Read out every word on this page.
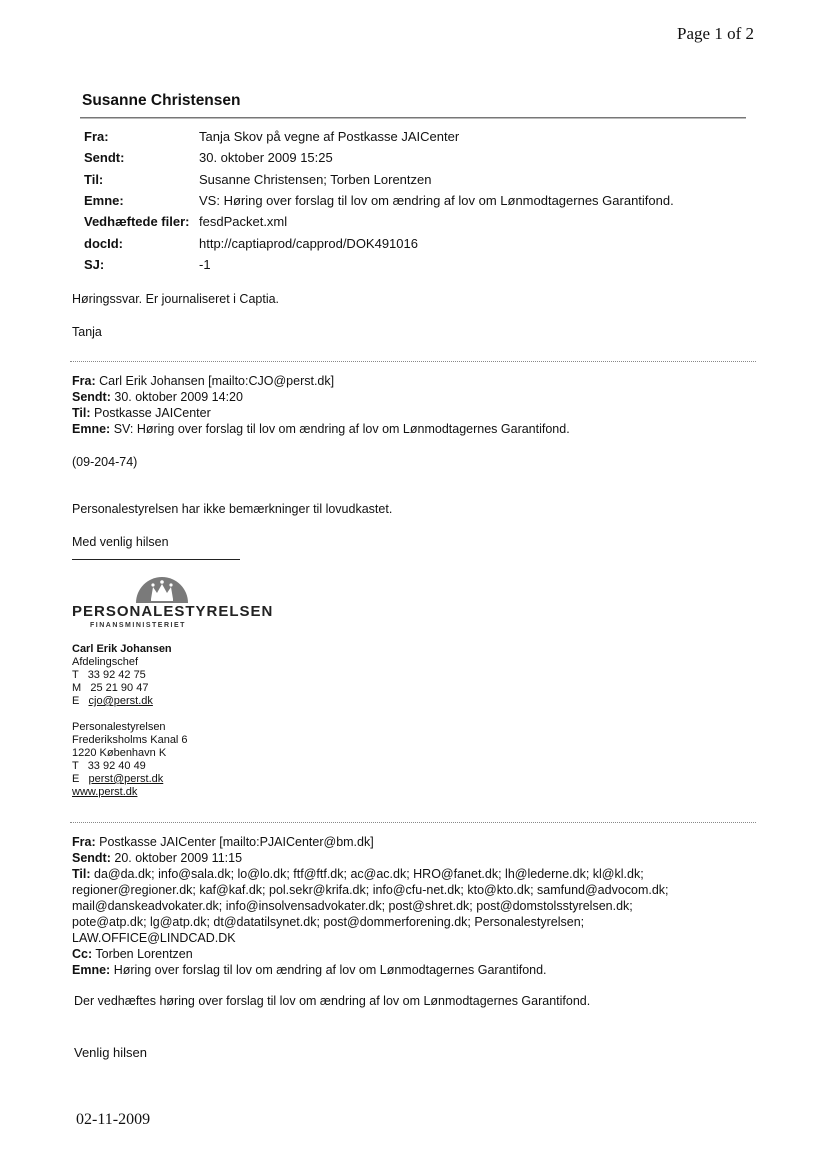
Page 1 of 2
Susanne Christensen
Fra:	Tanja Skov på vegne af Postkasse JAICenter
Sendt:	30. oktober 2009 15:25
Til:	Susanne Christensen; Torben Lorentzen
Emne:	VS: Høring over forslag til lov om ændring af lov om Lønmodtagernes Garantifond.
Vedhæftede filer: fesdPacket.xml
docId:	http://captiaprod/capprod/DOK491016
SJ:	-1
Høringssvar. Er journaliseret i Captia.
Tanja
Fra: Carl Erik Johansen [mailto:CJO@perst.dk]
Sendt: 30. oktober 2009 14:20
Til: Postkasse JAICenter
Emne: SV: Høring over forslag til lov om ændring af lov om Lønmodtagernes Garantifond.
(09-204-74)
Personalestyrelsen har ikke bemærkninger til lovudkastet.
Med venlig hilsen
PERSONALESTYRELSEN
FINANSMINISTERIET
Carl Erik Johansen
Afdelingschef
T   33 92 42 75
M   25 21 90 47
E   cjo@perst.dk
Personalestyrelsen
Frederiksholms Kanal 6
1220 København K
T   33 92 40 49
E   perst@perst.dk
www.perst.dk
Fra: Postkasse JAICenter [mailto:PJAICenter@bm.dk]
Sendt: 20. oktober 2009 11:15
Til: da@da.dk; info@sala.dk; lo@lo.dk; ftf@ftf.dk; ac@ac.dk; HRO@fanet.dk; lh@lederne.dk; kl@kl.dk;
regioner@regioner.dk; kaf@kaf.dk; pol.sekr@krifa.dk; info@cfu-net.dk; kto@kto.dk; samfund@advocom.dk;
mail@danskeadvokater.dk; info@insolvensadvokater.dk; post@shret.dk; post@domstolsstyrelsen.dk;
pote@atp.dk; lg@atp.dk; dt@datatilsynet.dk; post@dommerforening.dk; Personalestyrelsen;
LAW.OFFICE@LINDCAD.DK
Cc: Torben Lorentzen
Emne: Høring over forslag til lov om ændring af lov om Lønmodtagernes Garantifond.
Der vedhæftes høring over forslag til lov om ændring af lov om Lønmodtagernes Garantifond.
Venlig hilsen
02-11-2009
